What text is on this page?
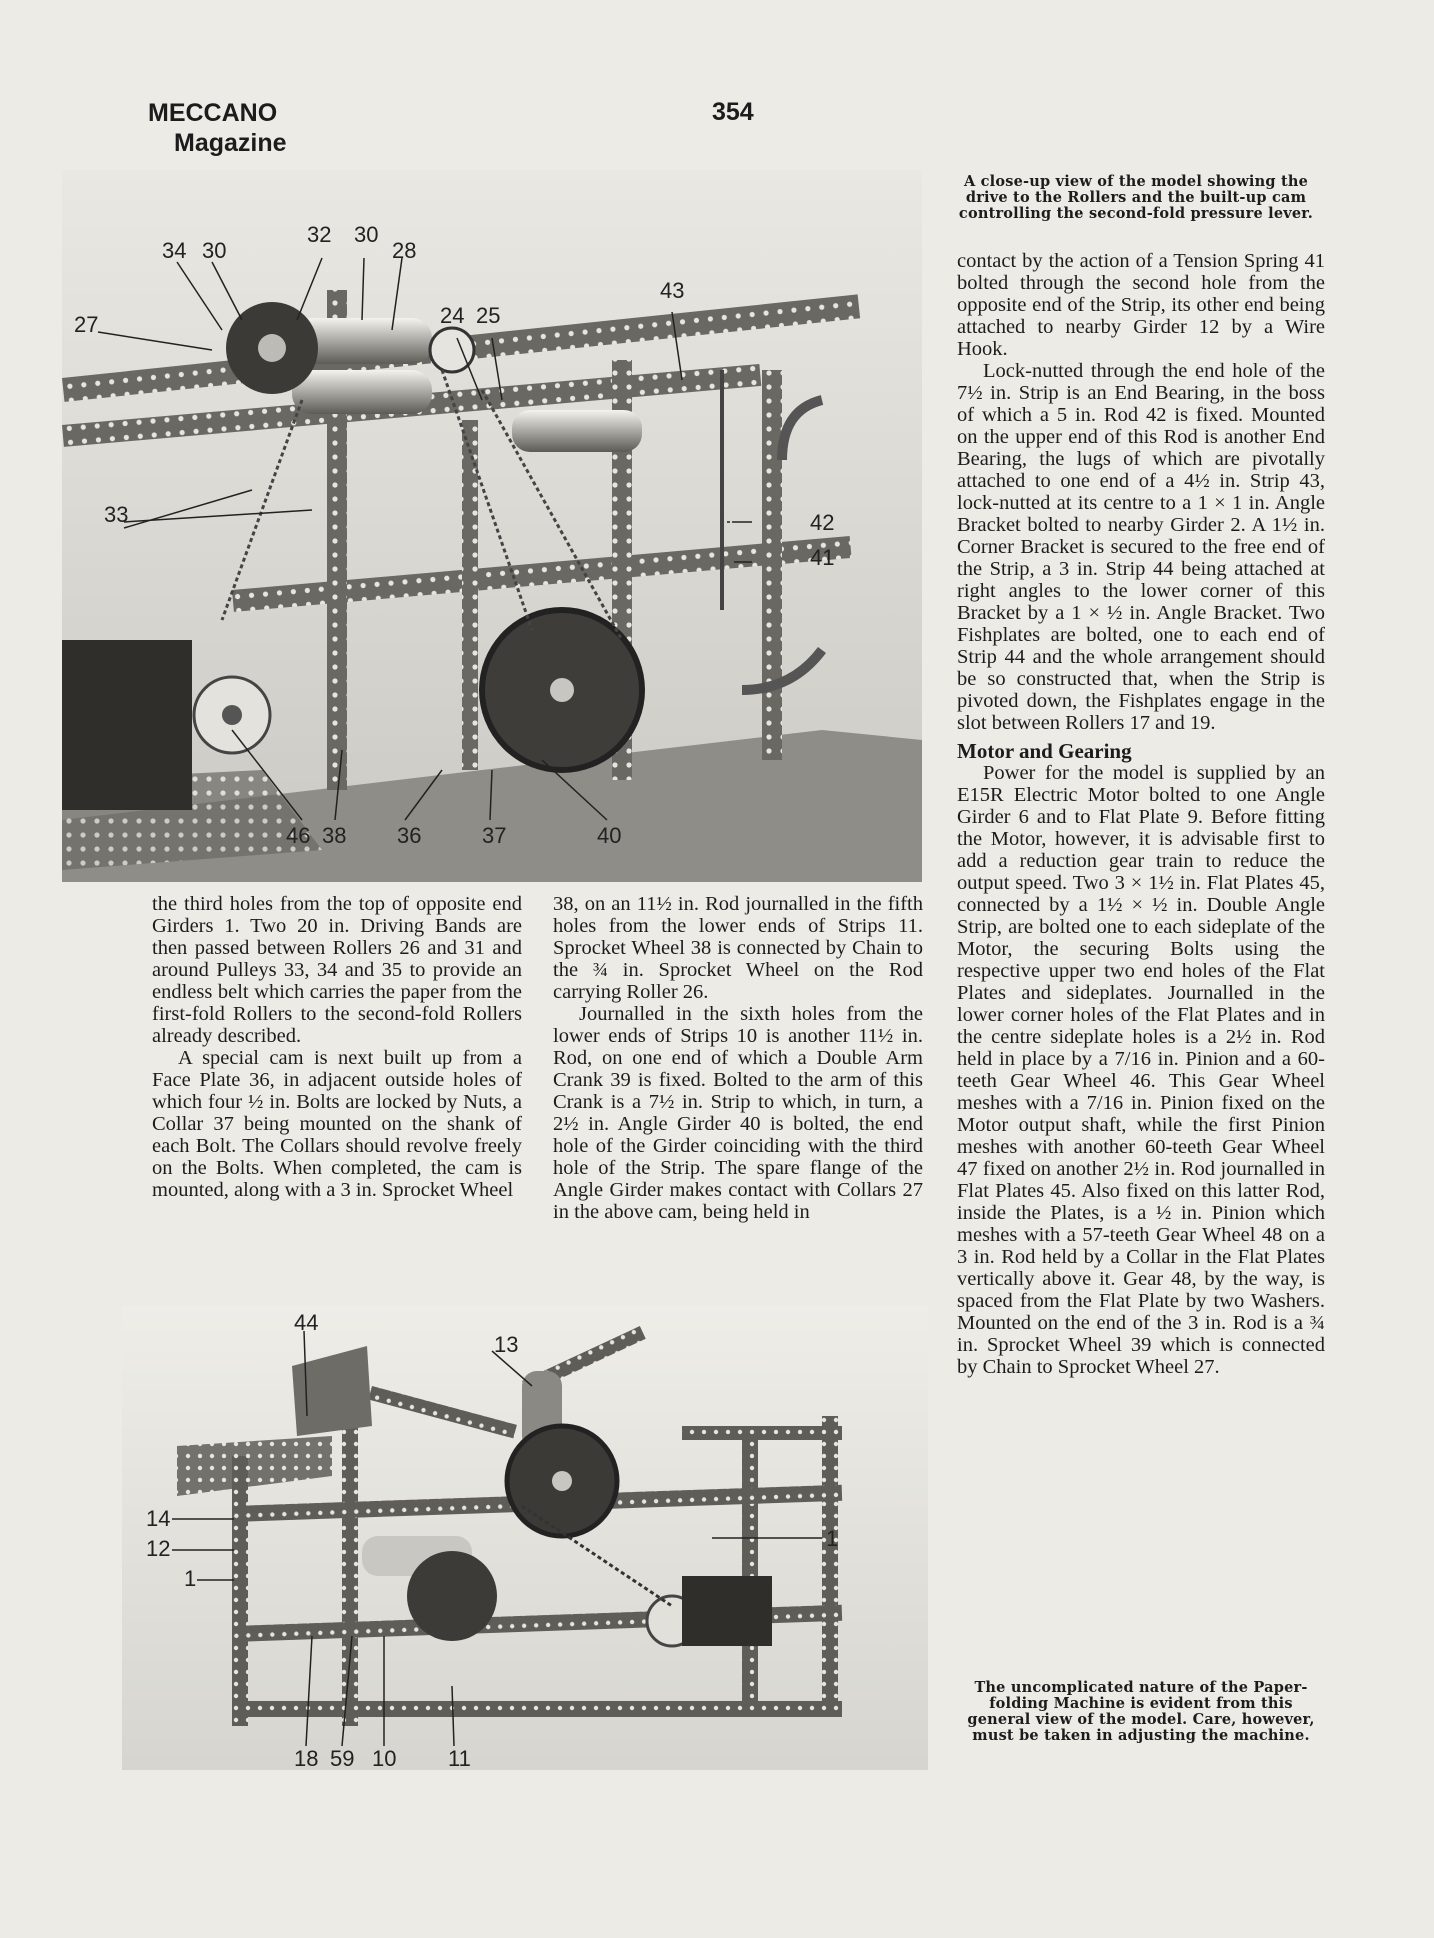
MECCANO
Magazine
354
34 30
32 30
28
27	24 25
43
33	42
41
46 38 36	37	40
A close-up view of the model showing the drive to the Rollers and the built-up cam controlling the second-fold pressure lever.

the third holes from the top of opposite end Girders 1. Two 20 in. Driving Bands are then passed between Rollers 26 and 31 and around Pulleys 33, 34 and 35 to provide an endless belt which carries the paper from the first-fold Rollers to the second-fold Rollers already described.

A special cam is next built up from a Face Plate 36, in adjacent outside holes of which four ½ in. Bolts are locked by Nuts, a Collar 37 being mounted on the shank of each Bolt. The Collars should revolve freely on the Bolts. When completed, the cam is mounted, along with a 3 in. Sprocket Wheel

38, on an 11½ in. Rod journalled in the fifth holes from the lower ends of Strips 11. Sprocket Wheel 38 is connected by Chain to the ¾ in. Sprocket Wheel on the Rod carrying Roller 26.

Journalled in the sixth holes from the lower ends of Strips 10 is another 11½ in. Rod, on one end of which a Double Arm Crank 39 is fixed. Bolted to the arm of this Crank is a 7½ in. Strip to which, in turn, a 2½ in. Angle Girder 40 is bolted, the end hole of the Girder coinciding with the third hole of the Strip. The spare flange of the Angle Girder makes contact with Collars 27 in the above cam, being held in

contact by the action of a Tension Spring 41 bolted through the second hole from the opposite end of the Strip, its other end being attached to nearby Girder 12 by a Wire Hook.

Lock-nutted through the end hole of the 7½ in. Strip is an End Bearing, in the boss of which a 5 in. Rod 42 is fixed. Mounted on the upper end of this Rod is another End Bearing, the lugs of which are pivotally attached to one end of a 4½ in. Strip 43, lock-nutted at its centre to a 1 × 1 in. Angle Bracket bolted to nearby Girder 2. A 1½ in. Corner Bracket is secured to the free end of the Strip, a 3 in. Strip 44 being attached at right angles to the lower corner of this Bracket by a 1 × ½ in. Angle Bracket. Two Fishplates are bolted, one to each end of Strip 44 and the whole arrangement should be so constructed that, when the Strip is pivoted down, the Fishplates engage in the slot between Rollers 17 and 19.

Motor and Gearing

Power for the model is supplied by an E15R Electric Motor bolted to one Angle Girder 6 and to Flat Plate 9. Before fitting the Motor, however, it is advisable first to add a reduction gear train to reduce the output speed. Two 3 × 1½ in. Flat Plates 45, connected by a 1½ × ½ in. Double Angle Strip, are bolted one to each sideplate of the Motor, the securing Bolts using the respective upper two end holes of the Flat Plates and sideplates. Journalled in the lower corner holes of the Flat Plates and in the centre sideplate holes is a 2½ in. Rod held in place by a 7/16 in. Pinion and a 60-teeth Gear Wheel 46. This Gear Wheel meshes with a 7/16 in. Pinion fixed on the Motor output shaft, while the first Pinion meshes with another 60-teeth Gear Wheel 47 fixed on another 2½ in. Rod journalled in Flat Plates 45. Also fixed on this latter Rod, inside the Plates, is a ½ in. Pinion which meshes with a 57-teeth Gear Wheel 48 on a 3 in. Rod held by a Collar in the Flat Plates vertically above it. Gear 48, by the way, is spaced from the Flat Plate by two Washers. Mounted on the end of the 3 in. Rod is a ¾ in. Sprocket Wheel 39 which is connected by Chain to Sprocket Wheel 27.

44
13
14
12
1
1
18 59 10 11
The uncomplicated nature of the Paper-folding Machine is evident from this general view of the model. Care, however, must be taken in adjusting the machine.
